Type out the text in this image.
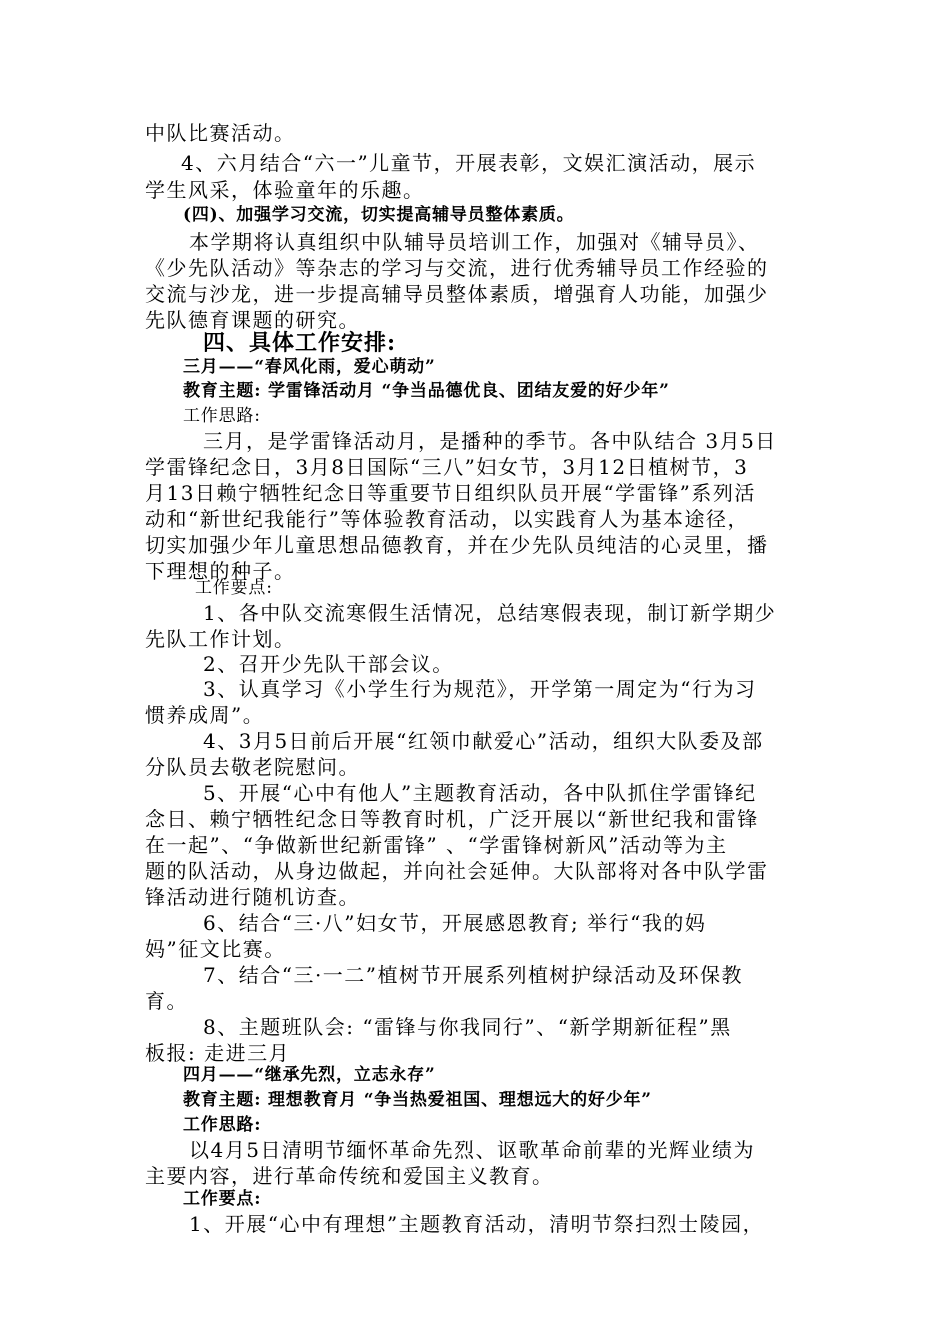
中队比赛活动。

4、六月结合“六一”儿童节，开展表彰，文娱汇演活动，展示

学生风采，体验童年的乐趣。

(四)、加强学习交流，切实提高辅导员整体素质。

本学期将认真组织中队辅导员培训工作，加强对《辅导员》、

《少先队活动》等杂志的学习与交流，进行优秀辅导员工作经验的

交流与沙龙，进一步提高辅导员整体素质，增强育人功能，加强少

先队德育课题的研究。

四、具体工作安排:

三月——“春风化雨，爱心萌动”

教育主题: 学雷锋活动月 “争当品德优良、团结友爱的好少年”

工作思路:

三月，是学雷锋活动月，是播种的季节。各中队结合 3月5日

学雷锋纪念日，3月8日国际“三八”妇女节，3月12日植树节，3

月13日赖宁牺牲纪念日等重要节日组织队员开展“学雷锋”系列活

动和“新世纪我能行”等体验教育活动，以实践育人为基本途径，

切实加强少年儿童思想品德教育，并在少先队员纯洁的心灵里，播

下理想的种子。

工作要点:

1、各中队交流寒假生活情况，总结寒假表现，制订新学期少

先队工作计划。

2、召开少先队干部会议。

3、认真学习《小学生行为规范》，开学第一周定为“行为习

惯养成周”。

4、3月5日前后开展“红领巾献爱心”活动，组织大队委及部

分队员去敬老院慰问。

5、开展“心中有他人”主题教育活动，各中队抓住学雷锋纪

念日、赖宁牺牲纪念日等教育时机，广泛开展以“新世纪我和雷锋

在一起”、“争做新世纪新雷锋” 、“学雷锋树新风”活动等为主

题的队活动，从身边做起，并向社会延伸。大队部将对各中队学雷

锋活动进行随机访查。

6、结合“三·八”妇女节，开展感恩教育; 举行“我的妈

妈”征文比赛。

7、结合“三·一二”植树节开展系列植树护绿活动及环保教

育。

8、主题班队会: “雷锋与你我同行”、“新学期新征程”黑

板报: 走进三月

四月——“继承先烈，立志永存”

教育主题: 理想教育月 “争当热爱祖国、理想远大的好少年”

工作思路:

以4月5日清明节缅怀革命先烈、讴歌革命前辈的光辉业绩为

主要内容，进行革命传统和爱国主义教育。

工作要点:

1、开展“心中有理想”主题教育活动，清明节祭扫烈士陵园，
